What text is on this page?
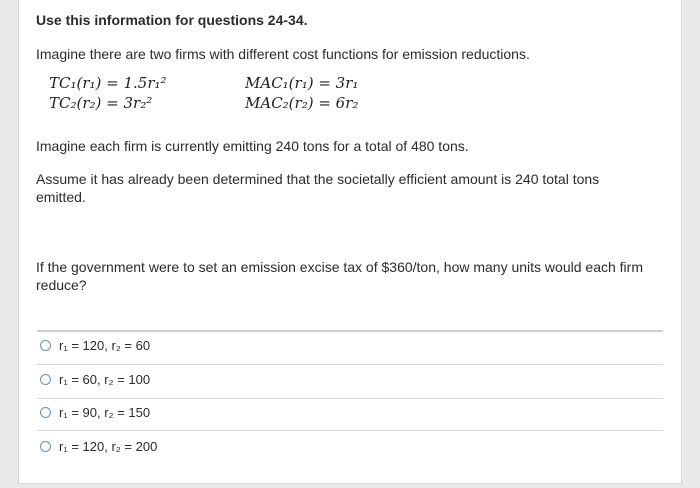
Use this information for questions 24-34.
Imagine there are two firms with different cost functions for emission reductions.
TC₁(r₁) = 1.5r₁²
TC₂(r₂) = 3r₂²
MAC₁(r₁) = 3r₁
MAC₂(r₂) = 6r₂
Imagine each firm is currently emitting 240 tons for a total of 480 tons.
Assume it has already been determined that the societally efficient amount is 240 total tons
emitted.
If the government were to set an emission excise tax of $360/ton, how many units would each firm
reduce?
r₁ = 120, r₂ = 60
r₁ = 60, r₂ = 100
r₁ = 90, r₂ = 150
r₁ = 120, r₂ = 200
